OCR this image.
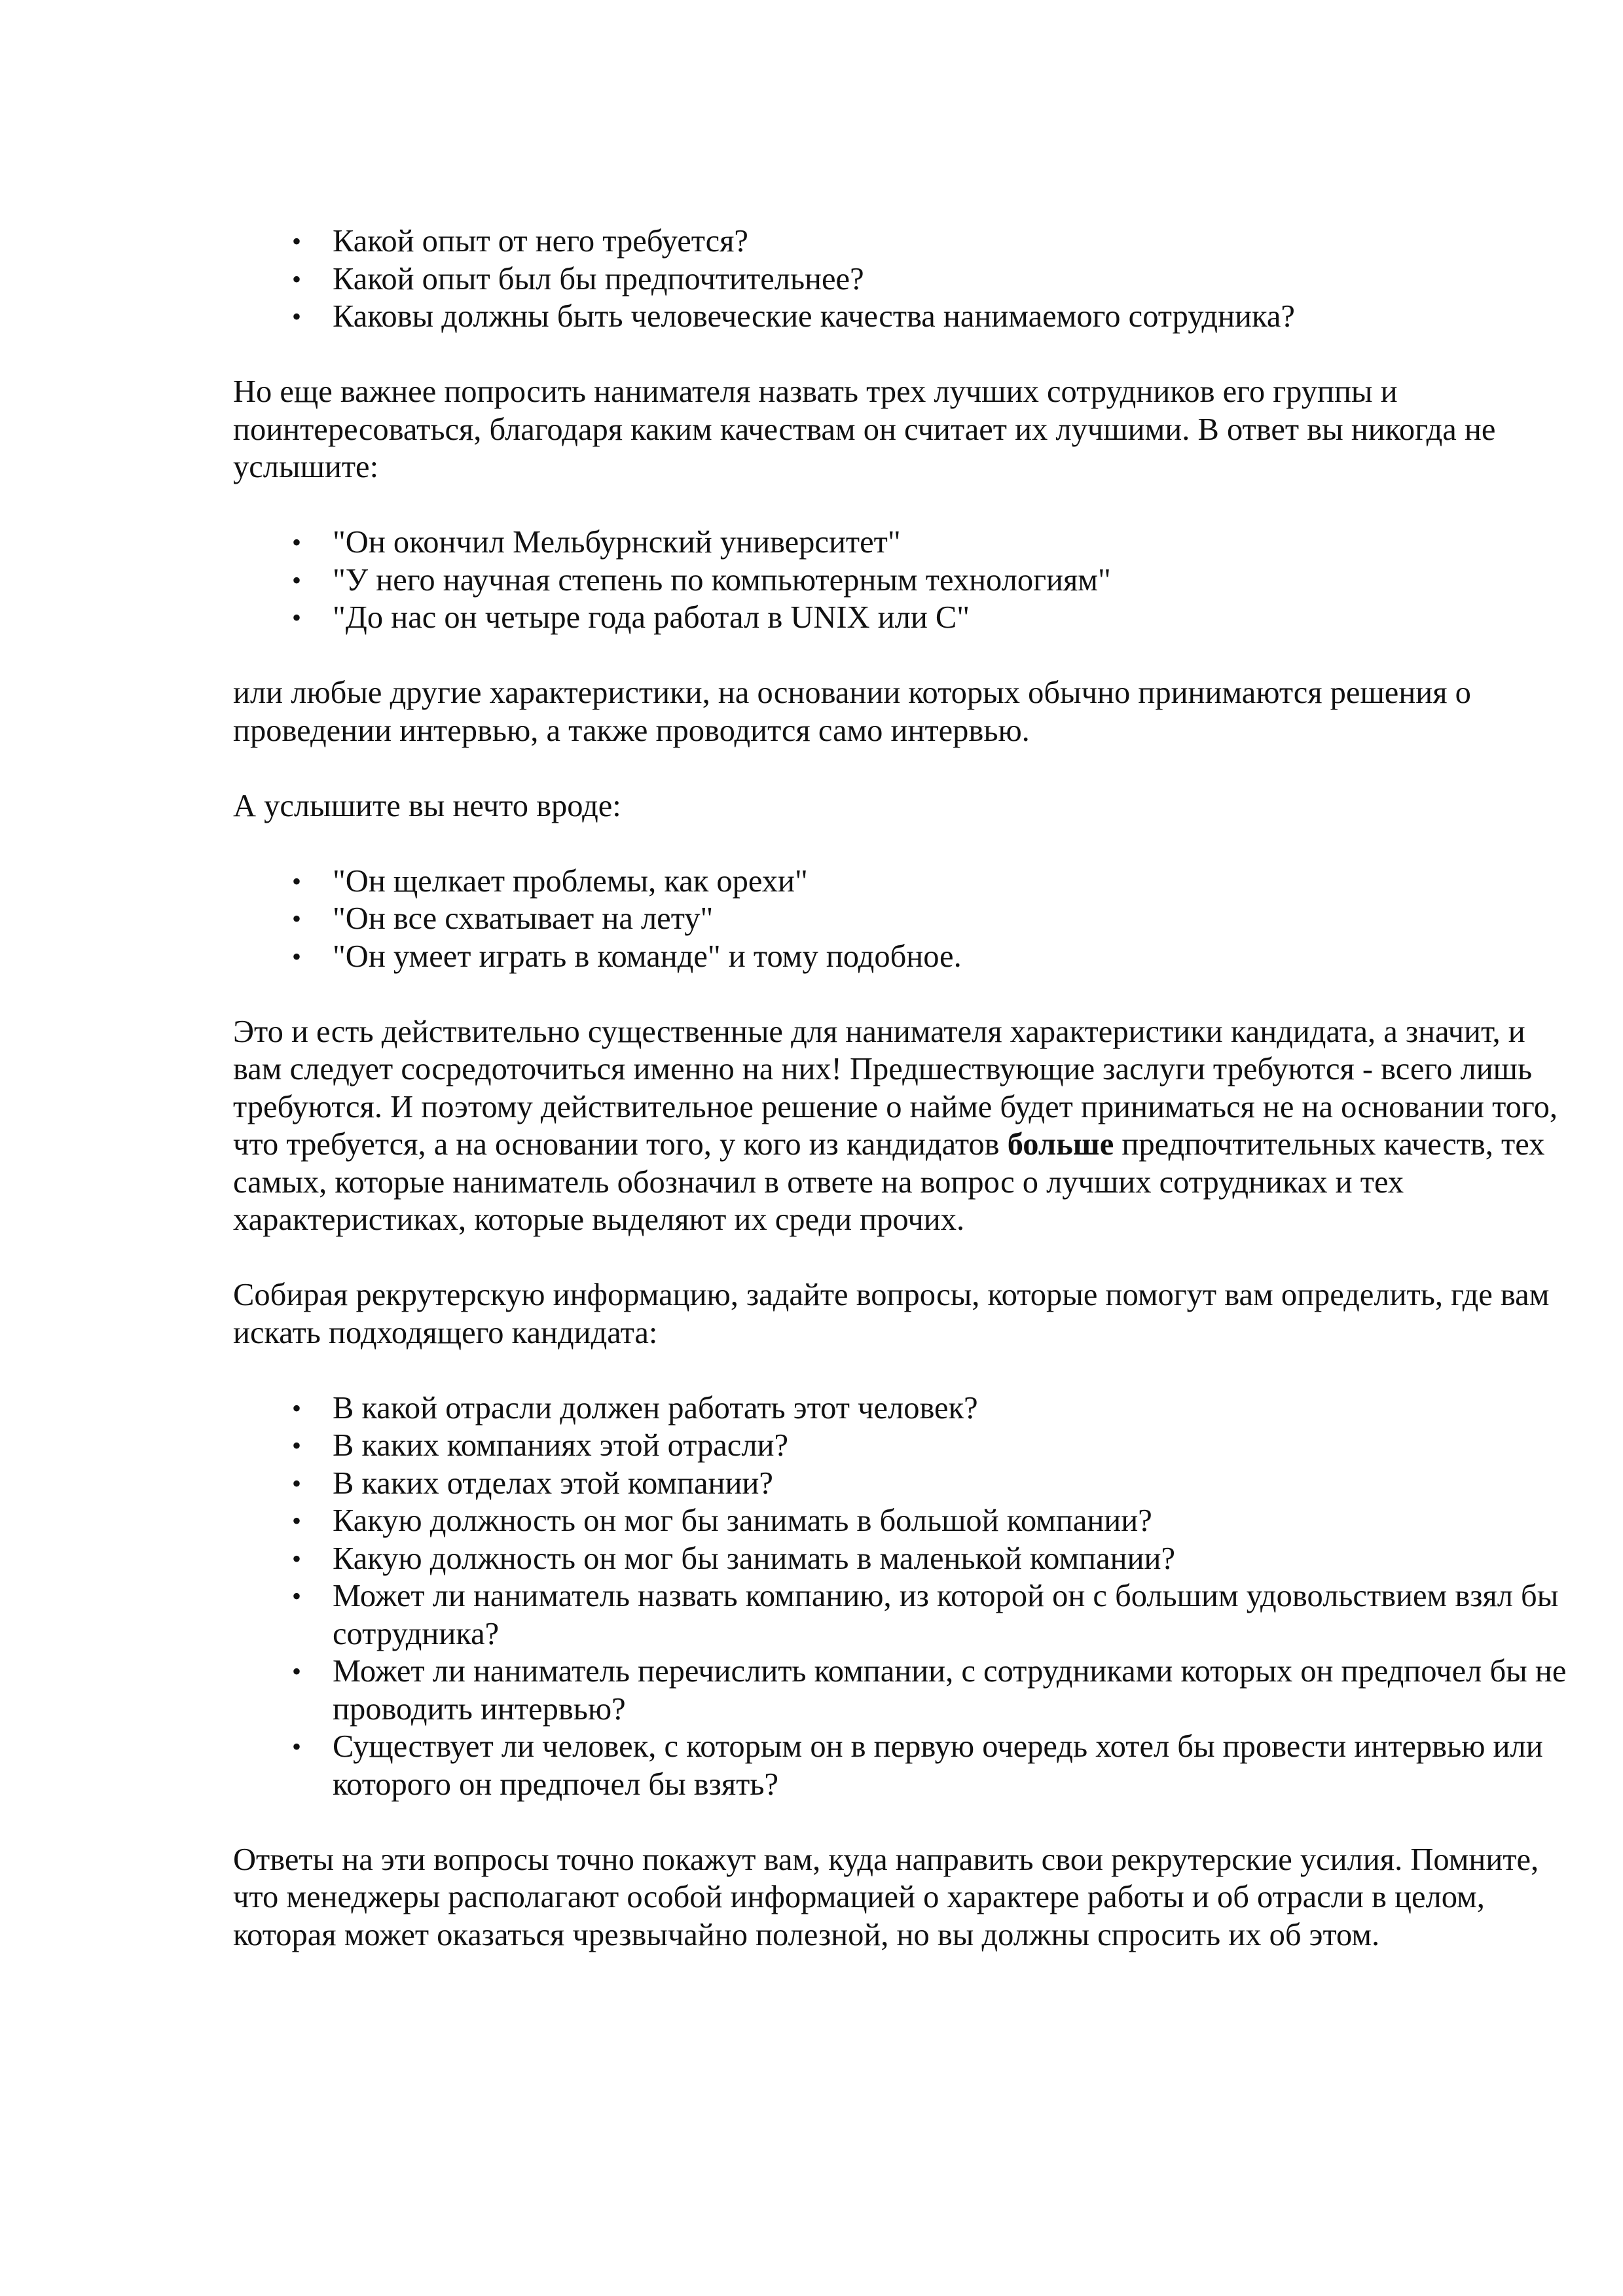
• Какой опыт от него требуется?
• Какой опыт был бы предпочтительнее?
• Каковы должны быть человеческие качества нанимаемого сотрудника?

Но еще важнее попросить нанимателя назвать трех лучших сотрудников его группы и поинтересоваться, благодаря каким качествам он считает их лучшими. В ответ вы никогда не услышите:

• "Он окончил Мельбурнский университет"
• "У него научная степень по компьютерным технологиям"
• "До нас он четыре года работал в UNIX или C"

или любые другие характеристики, на основании которых обычно принимаются решения о проведении интервью, а также проводится само интервью.

А услышите вы нечто вроде:

• "Он щелкает проблемы, как орехи"
• "Он все схватывает на лету"
• "Он умеет играть в команде" и тому подобное.

Это и есть действительно существенные для нанимателя характеристики кандидата, а значит, и вам следует сосредоточиться именно на них! Предшествующие заслуги требуются - всего лишь требуются. И поэтому действительное решение о найме будет приниматься не на основании того, что требуется, а на основании того, у кого из кандидатов больше предпочтительных качеств, тех самых, которые наниматель обозначил в ответе на вопрос о лучших сотрудниках и тех характеристиках, которые выделяют их среди прочих.

Собирая рекрутерскую информацию, задайте вопросы, которые помогут вам определить, где вам искать подходящего кандидата:

• В какой отрасли должен работать этот человек?
• В каких компаниях этой отрасли?
• В каких отделах этой компании?
• Какую должность он мог бы занимать в большой компании?
• Какую должность он мог бы занимать в маленькой компании?
• Может ли наниматель назвать компанию, из которой он с большим удовольствием взял бы сотрудника?
• Может ли наниматель перечислить компании, с сотрудниками которых он предпочел бы не проводить интервью?
• Существует ли человек, с которым он в первую очередь хотел бы провести интервью или которого он предпочел бы взять?

Ответы на эти вопросы точно покажут вам, куда направить свои рекрутерские усилия. Помните, что менеджеры располагают особой информацией о характере работы и об отрасли в целом, которая может оказаться чрезвычайно полезной, но вы должны спросить их об этом.
